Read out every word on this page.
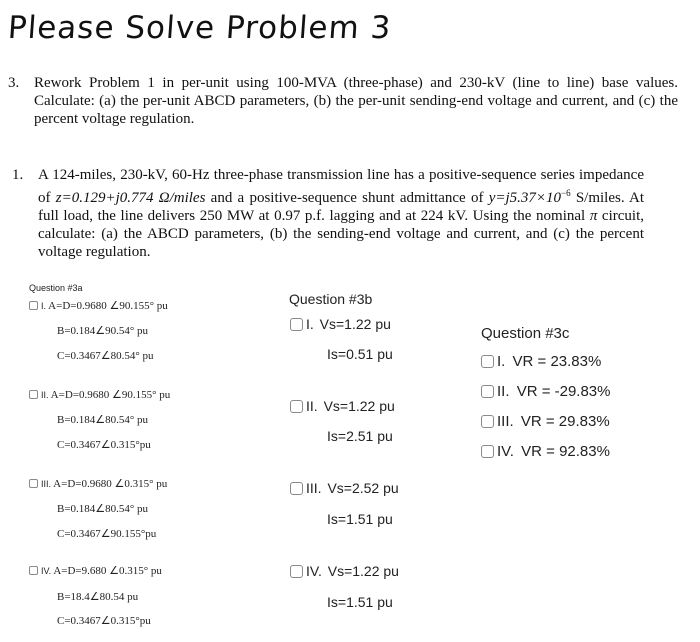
Please Solve Problem 3
3. Rework Problem 1 in per-unit using 100-MVA (three-phase) and 230-kV (line to line) base values. Calculate: (a) the per-unit ABCD parameters, (b) the per-unit sending-end voltage and current, and (c) the percent voltage regulation.
1. A 124-miles, 230-kV, 60-Hz three-phase transmission line has a positive-sequence series impedance of z=0.129+j0.774 Ω/miles and a positive-sequence shunt admittance of $y=j5.37\times 10^{-6}$ S/miles. At full load, the line delivers 250 MW at 0.97 p.f. lagging and at 224 kV. Using the nominal π circuit, calculate: (a) the ABCD parameters, (b) the sending-end voltage and current, and (c) the percent voltage regulation.
Question #3a
I. A=D=0.9680 ∠90.155° pu
B=0.184∠90.54° pu
C=0.3467∠80.54° pu
II. A=D=0.9680 ∠90.155° pu
B=0.184∠80.54° pu
C=0.3467∠0.315°pu
III. A=D=0.9680 ∠0.315° pu
B=0.184∠80.54° pu
C=0.3467∠90.155°pu
IV. A=D=9.680 ∠0.315° pu
B=18.4∠80.54 pu
C=0.3467∠0.315°pu
Question #3b
I. Vs=1.22 pu
Is=0.51 pu
II. Vs=1.22 pu
Is=2.51 pu
III. Vs=2.52 pu
Is=1.51 pu
IV. Vs=1.22 pu
Is=1.51 pu
Question #3c
I. VR = 23.83%
II. VR = -29.83%
III. VR = 29.83%
IV. VR = 92.83%
